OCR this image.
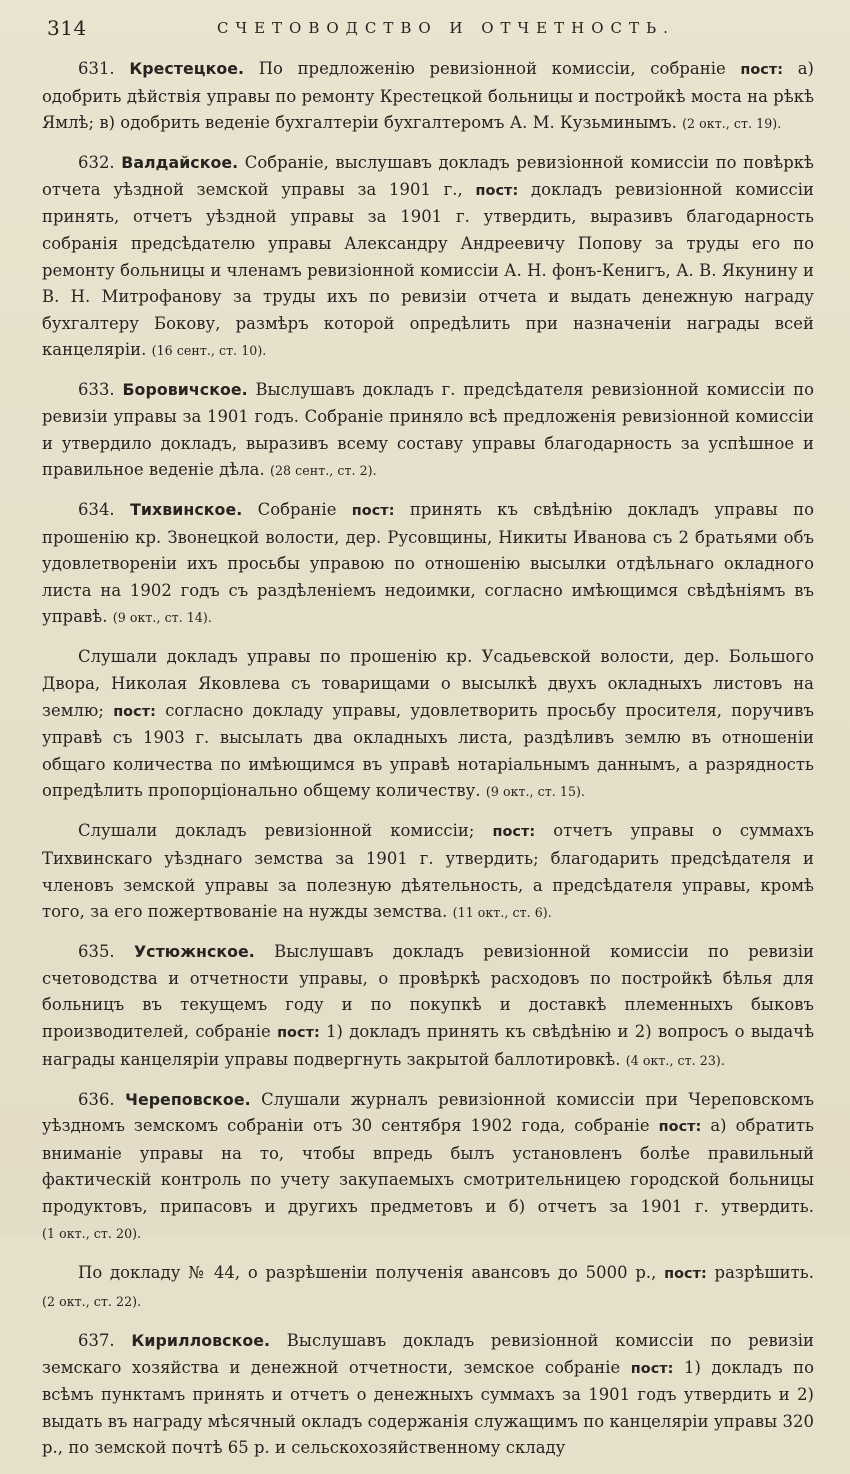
314	СЧЕТОВОДСТВО И ОТЧЕТНОСТЬ.

631. Крестецкое. По предложенію ревизіонной комиссіи, собраніе пост: а) одобрить дѣйствія управы по ремонту Крестецкой больницы и постройкѣ моста на рѣкѣ Ямлѣ; в) одобрить веденіе бухгалтеріи бухгалтеромъ А. М. Кузьминымъ. (2 окт., ст. 19).

632. Валдайское. Собраніе, выслушавъ докладъ ревизіонной комиссіи по повѣркѣ отчета уѣздной земской управы за 1901 г., пост: докладъ ревизіонной комиссіи принять, отчетъ уѣздной управы за 1901 г. утвердить, выразивъ благодарность собранія предсѣдателю управы Александру Андреевичу Попову за труды его по ремонту больницы и членамъ ревизіонной комиссіи А. Н. фонъ-Кенигъ, А. В. Якунину и В. Н. Митрофанову за труды ихъ по ревизіи отчета и выдать денежную награду бухгалтеру Бокову, размѣръ которой опредѣлить при назначеніи награды всей канцеляріи. (16 сент., ст. 10).

633. Боровичское. Выслушавъ докладъ г. предсѣдателя ревизіонной комиссіи по ревизіи управы за 1901 годъ. Собраніе приняло всѣ предложенія ревизіонной комиссіи и утвердило докладъ, выразивъ всему составу управы благодарность за успѣшное и правильное веденіе дѣла. (28 сент., ст. 2).

634. Тихвинское. Собраніе пост: принять къ свѣдѣнію докладъ управы по прошенію кр. Звонецкой волости, дер. Русовщины, Никиты Иванова съ 2 братьями объ удовлетвореніи ихъ просьбы управою по отношенію высылки отдѣльнаго окладного листа на 1902 годъ съ раздѣленіемъ недоимки, согласно имѣющимся свѣдѣніямъ въ управѣ. (9 окт., ст. 14).

Слушали докладъ управы по прошенію кр. Усадьевской волости, дер. Большого Двора, Николая Яковлева съ товарищами о высылкѣ двухъ окладныхъ листовъ на землю; пост: согласно докладу управы, удовлетворить просьбу просителя, поручивъ управѣ съ 1903 г. высылать два окладныхъ листа, раздѣливъ землю въ отношеніи общаго количества по имѣющимся въ управѣ нотаріальнымъ даннымъ, а разрядность опредѣлить пропорціонально общему количеству. (9 окт., ст. 15).

Слушали докладъ ревизіонной комиссіи; пост: отчетъ управы о суммахъ Тихвинскаго уѣзднаго земства за 1901 г. утвердить; благодарить предсѣдателя и членовъ земской управы за полезную дѣятельность, а предсѣдателя управы, кромѣ того, за его пожертвованіе на нужды земства. (11 окт., ст. 6).

635. Устюжнское. Выслушавъ докладъ ревизіонной комиссіи по ревизіи счетоводства и отчетности управы, о провѣркѣ расходовъ по постройкѣ бѣлья для больницъ въ текущемъ году и по покупкѣ и доставкѣ племенныхъ быковъ производителей, собраніе пост: 1) докладъ принять къ свѣдѣнію и 2) вопросъ о выдачѣ награды канцеляріи управы подвергнуть закрытой баллотировкѣ. (4 окт., ст. 23).

636. Череповское. Слушали журналъ ревизіонной комиссіи при Череповскомъ уѣздномъ земскомъ собраніи отъ 30 сентября 1902 года, собраніе пост: а) обратить вниманіе управы на то, чтобы впредь былъ установленъ болѣе правильный фактическій контроль по учету закупаемыхъ смотрительницею городской больницы продуктовъ, припасовъ и другихъ предметовъ и б) отчетъ за 1901 г. утвердить. (1 окт., ст. 20).

По докладу № 44, о разрѣшеніи полученія авансовъ до 5000 р., пост: разрѣшить. (2 окт., ст. 22).

637. Кирилловское. Выслушавъ докладъ ревизіонной комиссіи по ревизіи земскаго хозяйства и денежной отчетности, земское собраніе пост: 1) докладъ по всѣмъ пунктамъ принять и отчетъ о денежныхъ суммахъ за 1901 годъ утвердить и 2) выдать въ награду мѣсячный окладъ содержанія служащимъ по канцеляріи управы 320 р., по земской почтѣ 65 р. и сельскохозяйственному складу
